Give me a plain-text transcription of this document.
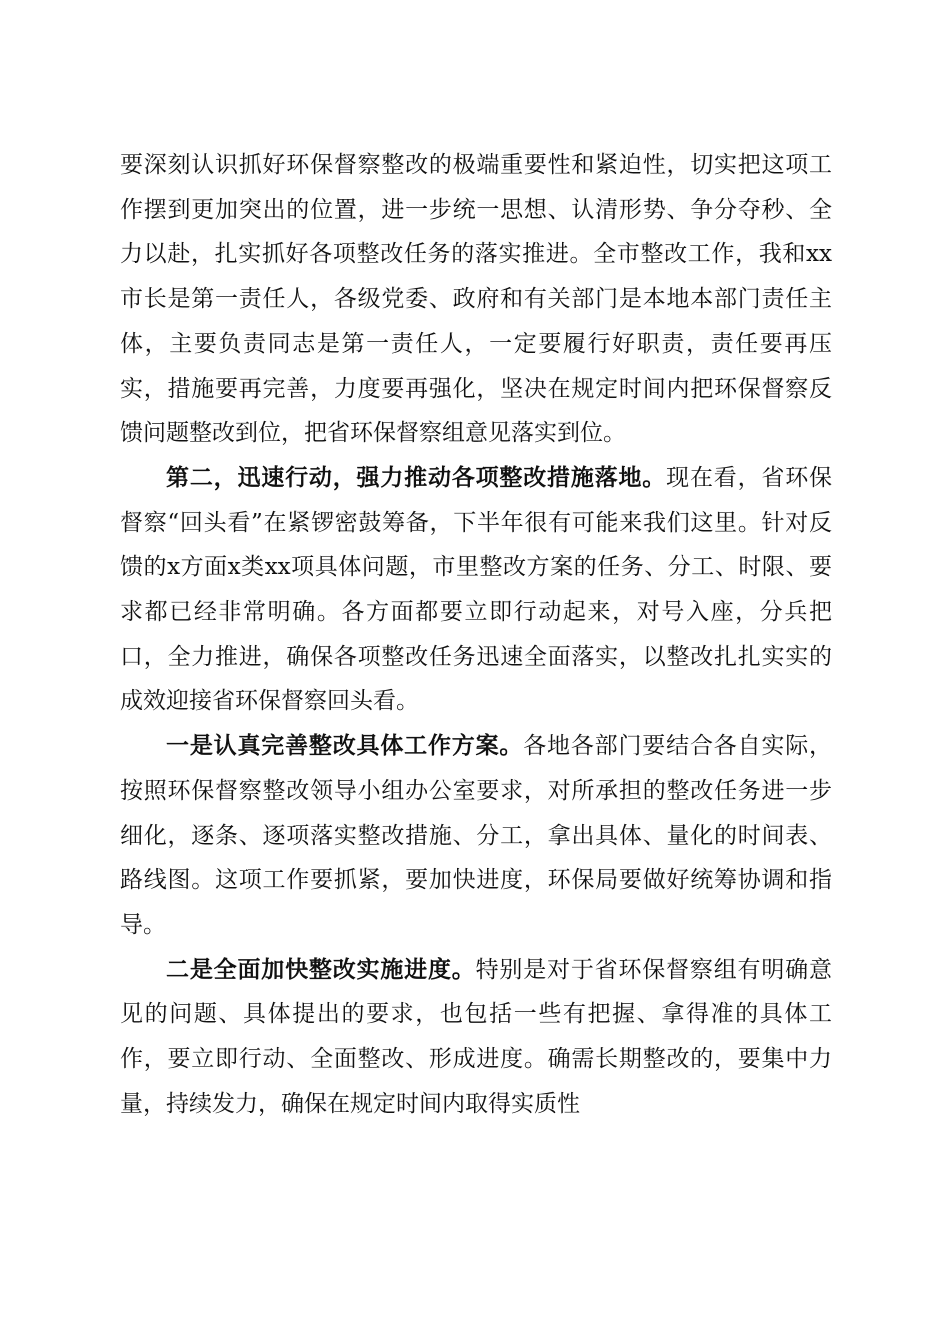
要深刻认识抓好环保督察整改的极端重要性和紧迫性，切实把这项工作摆到更加突出的位置，进一步统一思想、认清形势、争分夺秒、全力以赴，扎实抓好各项整改任务的落实推进。全市整改工作，我和xx市长是第一责任人，各级党委、政府和有关部门是本地本部门责任主体，主要负责同志是第一责任人，一定要履行好职责，责任要再压实，措施要再完善，力度要再强化，坚决在规定时间内把环保督察反馈问题整改到位，把省环保督察组意见落实到位。

第二，迅速行动，强力推动各项整改措施落地。现在看，省环保督察“回头看”在紧锣密鼓筹备，下半年很有可能来我们这里。针对反馈的x方面x类xx项具体问题，市里整改方案的任务、分工、时限、要求都已经非常明确。各方面都要立即行动起来，对号入座，分兵把口，全力推进，确保各项整改任务迅速全面落实，以整改扎扎实实的成效迎接省环保督察回头看。

一是认真完善整改具体工作方案。各地各部门要结合各自实际，按照环保督察整改领导小组办公室要求，对所承担的整改任务进一步细化，逐条、逐项落实整改措施、分工，拿出具体、量化的时间表、路线图。这项工作要抓紧，要加快进度，环保局要做好统筹协调和指导。

二是全面加快整改实施进度。特别是对于省环保督察组有明确意见的问题、具体提出的要求，也包括一些有把握、拿得准的具体工作，要立即行动、全面整改、形成进度。确需长期整改的，要集中力量，持续发力，确保在规定时间内取得实质性
